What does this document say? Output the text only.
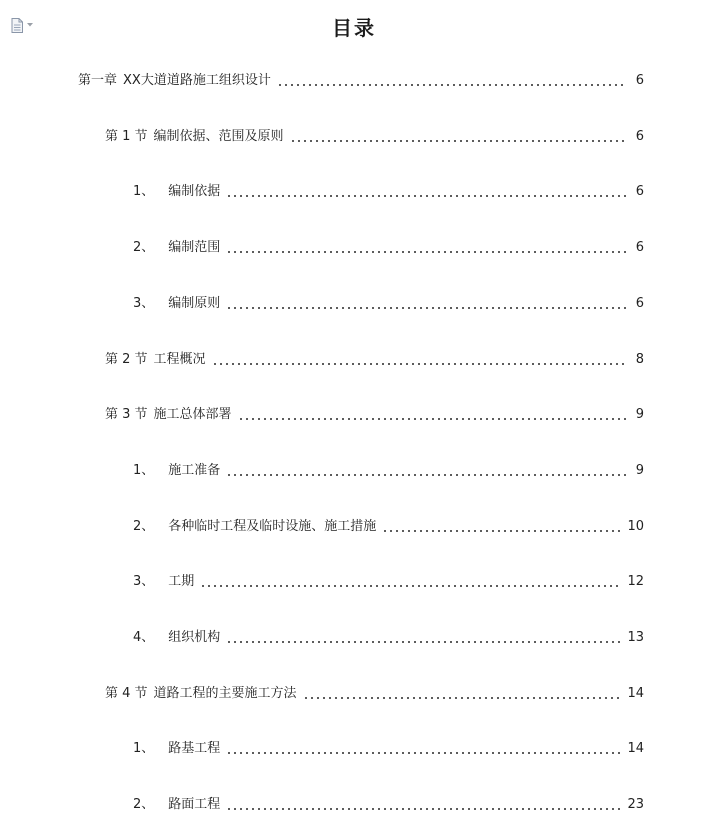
目录
第一章 XX大道道路施工组织设计	6
第 1 节 编制依据、范围及原则	6
1、 编制依据	6
2、 编制范围	6
3、 编制原则	6
第 2 节 工程概况	8
第 3 节 施工总体部署	9
1、 施工准备	9
2、 各种临时工程及临时设施、施工措施	10
3、 工期	12
4、 组织机构	13
第 4 节 道路工程的主要施工方法	14
1、 路基工程	14
2、 路面工程	23
